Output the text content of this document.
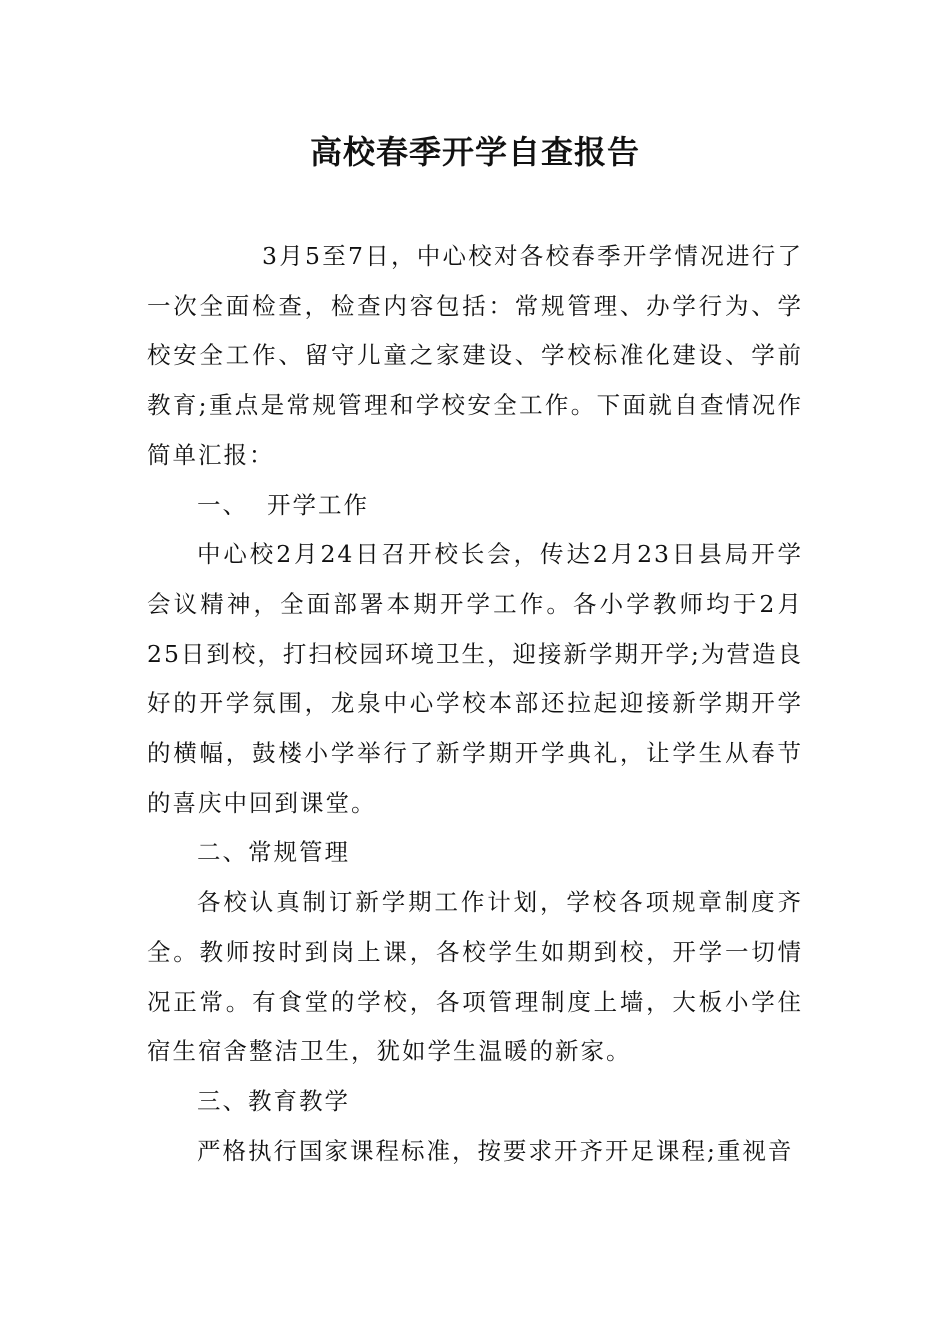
高校春季开学自查报告

3月5至7日，中心校对各校春季开学情况进行了一次全面检查，检查内容包括：常规管理、办学行为、学校安全工作、留守儿童之家建设、学校标准化建设、学前教育;重点是常规管理和学校安全工作。下面就自查情况作简单汇报：

一、  开学工作

中心校2月24日召开校长会，传达2月23日县局开学会议精神，全面部署本期开学工作。各小学教师均于2月25日到校，打扫校园环境卫生，迎接新学期开学;为营造良好的开学氛围，龙泉中心学校本部还拉起迎接新学期开学的横幅，鼓楼小学举行了新学期开学典礼，让学生从春节的喜庆中回到课堂。

二、常规管理

各校认真制订新学期工作计划，学校各项规章制度齐全。教师按时到岗上课，各校学生如期到校，开学一切情况正常。有食堂的学校，各项管理制度上墙，大板小学住宿生宿舍整洁卫生，犹如学生温暖的新家。

三、教育教学

严格执行国家课程标准，按要求开齐开足课程;重视音
